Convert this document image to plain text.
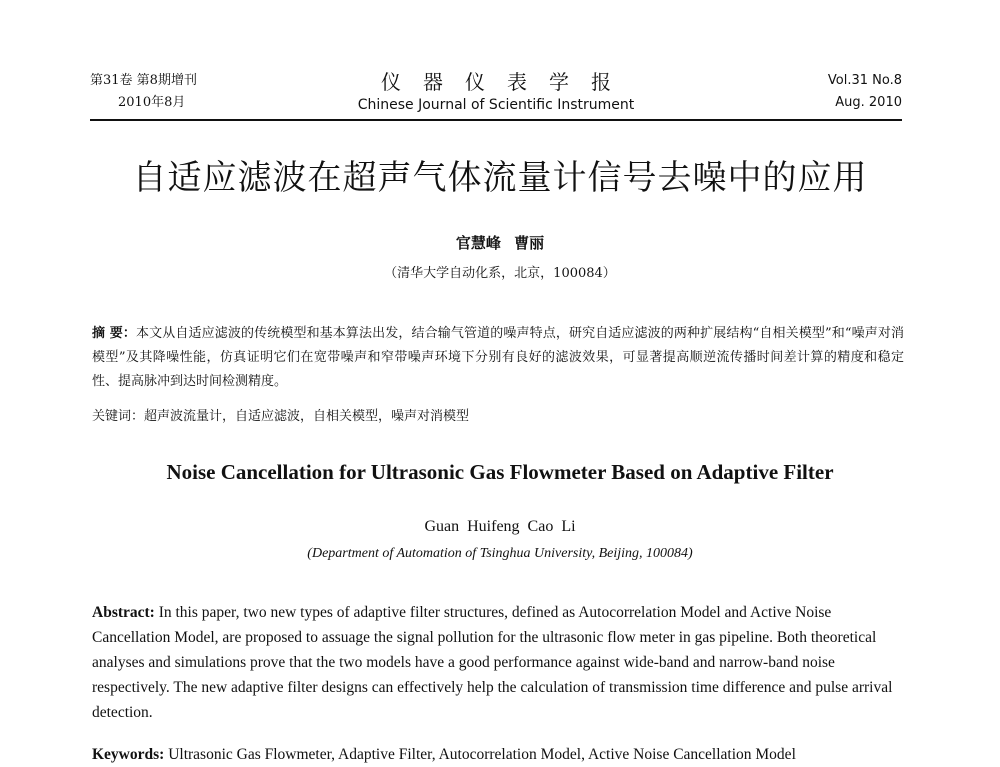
第31卷 第8期增刊
2010年8月
仪器仪表学报
Chinese Journal of Scientific Instrument
Vol.31 No.8
Aug. 2010
自适应滤波在超声气体流量计信号去噪中的应用
官慧峰 曹丽
（清华大学自动化系，北京，100084）
摘 要：本文从自适应滤波的传统模型和基本算法出发，结合输气管道的噪声特点，研究自适应滤波的两种扩展结构“自相关模型”和“噪声对消模型”及其降噪性能，仿真证明它们在宽带噪声和窄带噪声环境下分别有良好的滤波效果，可显著提高顺逆流传播时间差计算的精度和稳定性、提高脉冲到达时间检测精度。
关键词：超声波流量计，自适应滤波，自相关模型，噪声对消模型
Noise Cancellation for Ultrasonic Gas Flowmeter Based on Adaptive Filter
Guan Huifeng Cao Li
(Department of Automation of Tsinghua University, Beijing, 100084)
Abstract: In this paper, two new types of adaptive filter structures, defined as Autocorrelation Model and Active Noise Cancellation Model, are proposed to assuage the signal pollution for the ultrasonic flow meter in gas pipeline. Both theoretical analyses and simulations prove that the two models have a good performance against wide-band and narrow-band noise respectively. The new adaptive filter designs can effectively help the calculation of transmission time difference and pulse arrival detection.
Keywords: Ultrasonic Gas Flowmeter, Adaptive Filter, Autocorrelation Model, Active Noise Cancellation Model
